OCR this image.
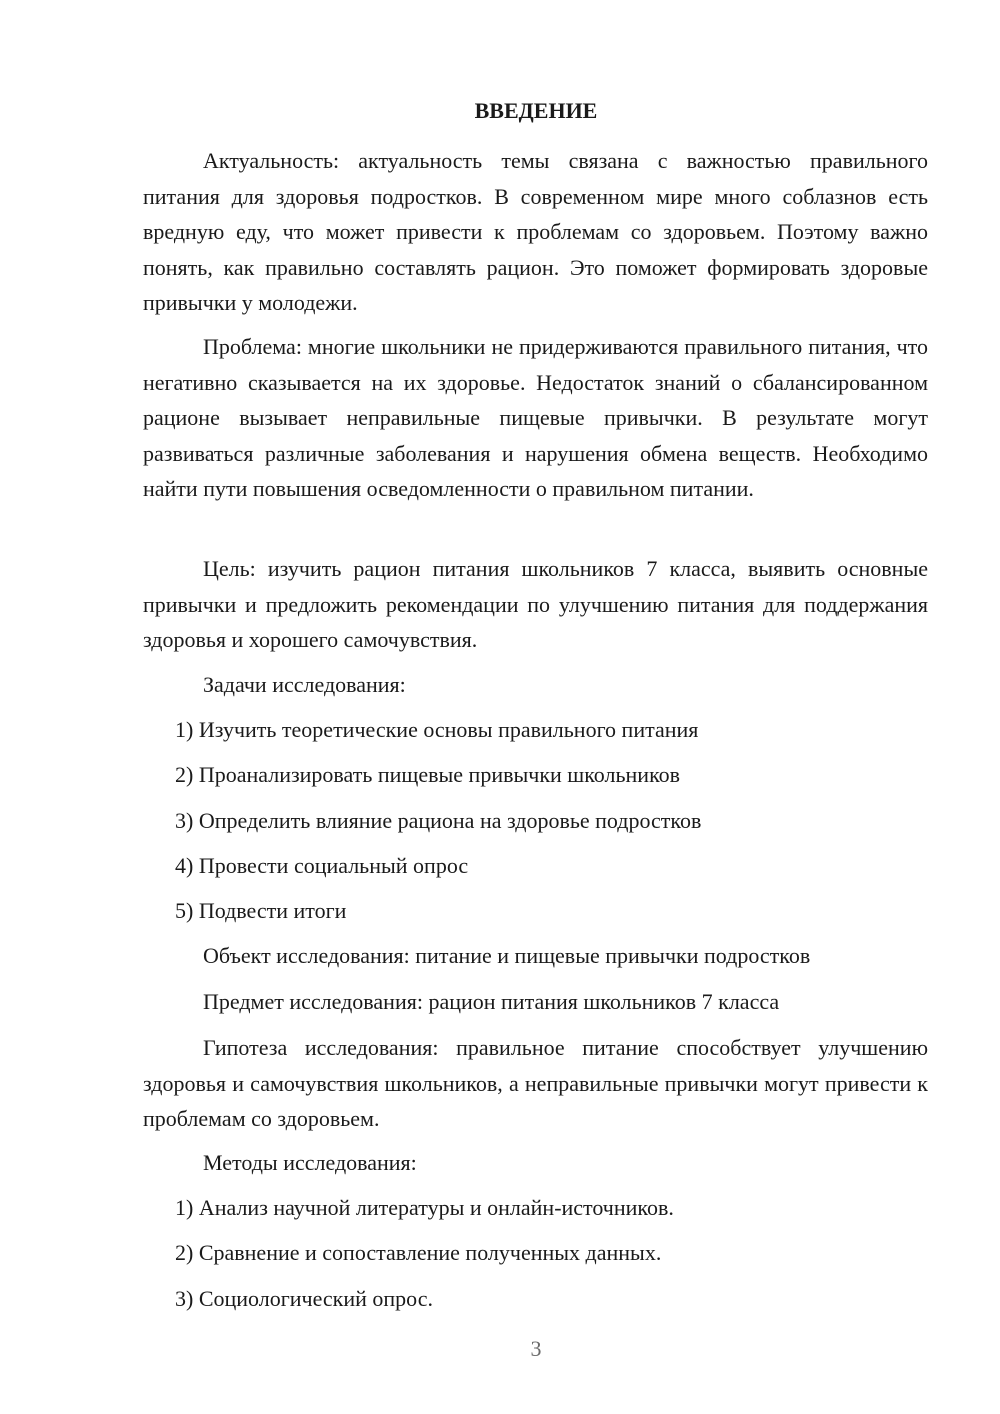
ВВЕДЕНИЕ

Актуальность: актуальность темы связана с важностью правильного питания для здоровья подростков. В современном мире много соблазнов есть вредную еду, что может привести к проблемам со здоровьем. Поэтому важно понять, как правильно составлять рацион. Это поможет формировать здоровые привычки у молодежи.

Проблема: многие школьники не придерживаются правильного питания, что негативно сказывается на их здоровье. Недостаток знаний о сбалансированном рационе вызывает неправильные пищевые привычки. В результате могут развиваться различные заболевания и нарушения обмена веществ. Необходимо найти пути повышения осведомленности о правильном питании.

Цель: изучить рацион питания школьников 7 класса, выявить основные привычки и предложить рекомендации по улучшению питания для поддержания здоровья и хорошего самочувствия.

Задачи исследования:

1) Изучить теоретические основы правильного питания

2) Проанализировать пищевые привычки школьников

3) Определить влияние рациона на здоровье подростков

4) Провести социальный опрос

5) Подвести итоги

Объект исследования: питание и пищевые привычки подростков

Предмет исследования: рацион питания школьников 7 класса

Гипотеза исследования: правильное питание способствует улучшению здоровья и самочувствия школьников, а неправильные привычки могут привести к проблемам со здоровьем.

Методы исследования:

1) Анализ научной литературы и онлайн-источников.

2) Сравнение и сопоставление полученных данных.

3) Социологический опрос.

3
